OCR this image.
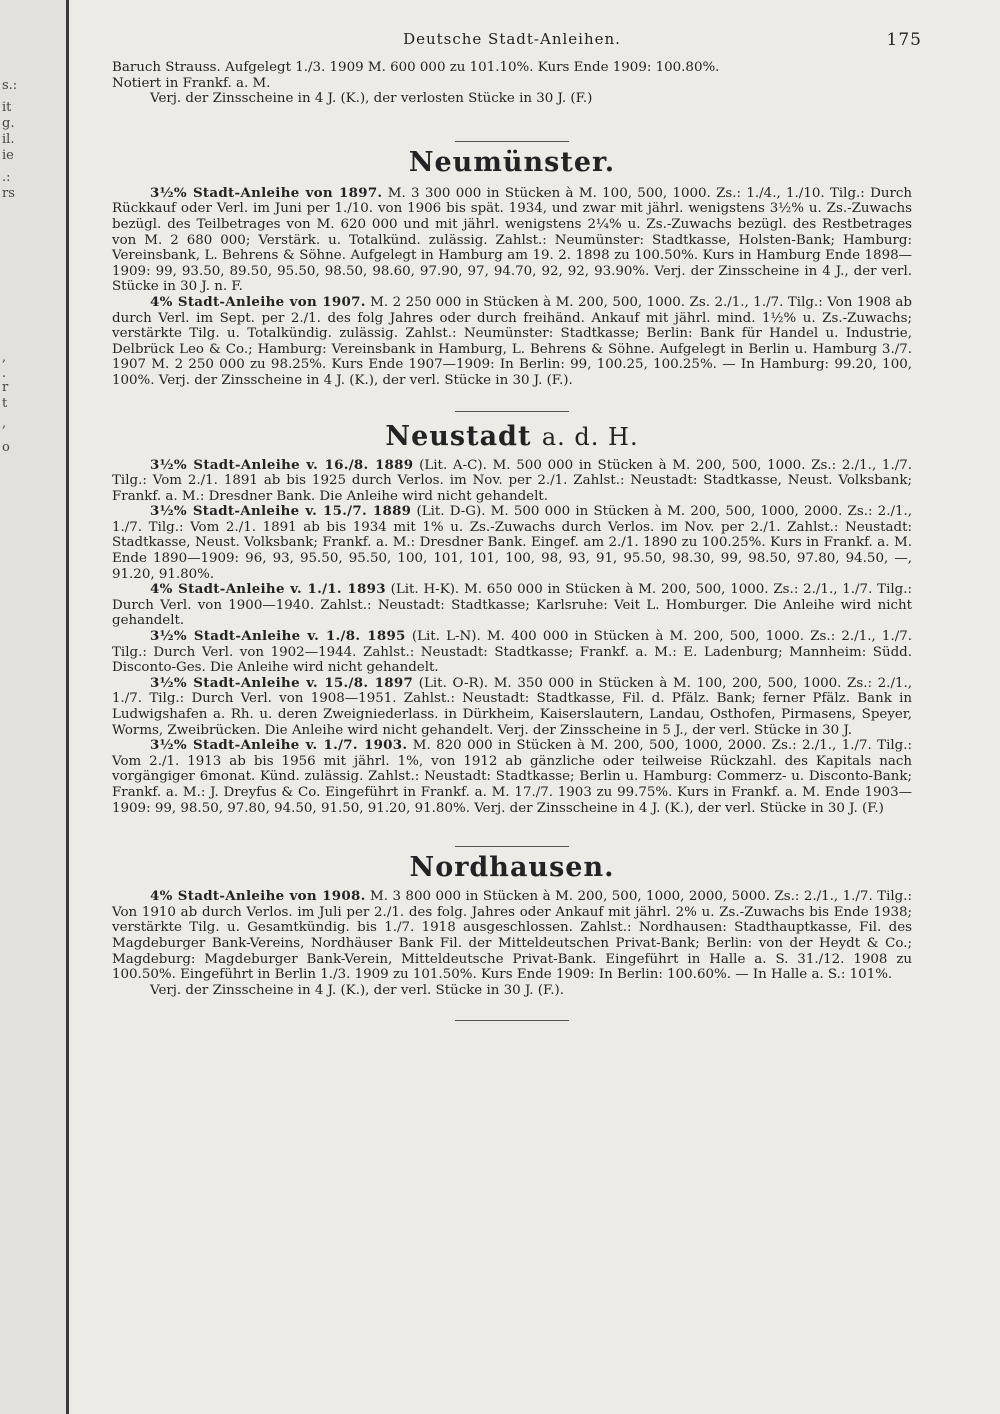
s.:
it
g.
il.
ie
.:
rs
,
.
r
t
,
o
Deutsche Stadt-Anleihen.	175

Baruch Strauss. Aufgelegt 1./3. 1909 M. 600 000 zu 101.10%. Kurs Ende 1909: 100.80%.

Notiert in Frankf. a. M.

Verj. der Zinsscheine in 4 J. (K.), der verlosten Stücke in 30 J. (F.)

Neumünster.

3½% Stadt-Anleihe von 1897. M. 3 300 000 in Stücken à M. 100, 500, 1000. Zs.: 1./4., 1./10. Tilg.: Durch Rückkauf oder Verl. im Juni per 1./10. von 1906 bis spät. 1934, und zwar mit jährl. wenigstens 3½% u. Zs.-Zuwachs bezügl. des Teilbetrages von M. 620 000 und mit jährl. wenigstens 2¼% u. Zs.-Zuwachs bezügl. des Restbetrages von M. 2 680 000; Verstärk. u. Totalkünd. zulässig. Zahlst.: Neumünster: Stadtkasse, Holsten-Bank; Hamburg: Vereinsbank, L. Behrens & Söhne. Aufgelegt in Hamburg am 19. 2. 1898 zu 100.50%. Kurs in Hamburg Ende 1898—1909: 99, 93.50, 89.50, 95.50, 98.50, 98.60, 97.90, 97, 94.70, 92, 92, 93.90%. Verj. der Zinsscheine in 4 J., der verl. Stücke in 30 J. n. F.

4% Stadt-Anleihe von 1907. M. 2 250 000 in Stücken à M. 200, 500, 1000. Zs. 2./1., 1./7. Tilg.: Von 1908 ab durch Verl. im Sept. per 2./1. des folg Jahres oder durch freihänd. Ankauf mit jährl. mind. 1½% u. Zs.-Zuwachs; verstärkte Tilg. u. Totalkündig. zulässig. Zahlst.: Neumünster: Stadtkasse; Berlin: Bank für Handel u. Industrie, Delbrück Leo & Co.; Hamburg: Vereinsbank in Hamburg, L. Behrens & Söhne. Aufgelegt in Berlin u. Hamburg 3./7. 1907 M. 2 250 000 zu 98.25%. Kurs Ende 1907—1909: In Berlin: 99, 100.25, 100.25%. — In Hamburg: 99.20, 100, 100%. Verj. der Zinsscheine in 4 J. (K.), der verl. Stücke in 30 J. (F.).

Neustadt a. d. H.

3½% Stadt-Anleihe v. 16./8. 1889 (Lit. A-C). M. 500 000 in Stücken à M. 200, 500, 1000. Zs.: 2./1., 1./7. Tilg.: Vom 2./1. 1891 ab bis 1925 durch Verlos. im Nov. per 2./1. Zahlst.: Neustadt: Stadtkasse, Neust. Volksbank; Frankf. a. M.: Dresdner Bank. Die Anleihe wird nicht gehandelt.

3½% Stadt-Anleihe v. 15./7. 1889 (Lit. D-G). M. 500 000 in Stücken à M. 200, 500, 1000, 2000. Zs.: 2./1., 1./7. Tilg.: Vom 2./1. 1891 ab bis 1934 mit 1% u. Zs.-Zuwachs durch Verlos. im Nov. per 2./1. Zahlst.: Neustadt: Stadtkasse, Neust. Volksbank; Frankf. a. M.: Dresdner Bank. Eingef. am 2./1. 1890 zu 100.25%. Kurs in Frankf. a. M. Ende 1890—1909: 96, 93, 95.50, 95.50, 100, 101, 101, 100, 98, 93, 91, 95.50, 98.30, 99, 98.50, 97.80, 94.50, —, 91.20, 91.80%.

4% Stadt-Anleihe v. 1./1. 1893 (Lit. H-K). M. 650 000 in Stücken à M. 200, 500, 1000. Zs.: 2./1., 1./7. Tilg.: Durch Verl. von 1900—1940. Zahlst.: Neustadt: Stadtkasse; Karlsruhe: Veit L. Homburger. Die Anleihe wird nicht gehandelt.

3½% Stadt-Anleihe v. 1./8. 1895 (Lit. L-N). M. 400 000 in Stücken à M. 200, 500, 1000. Zs.: 2./1., 1./7. Tilg.: Durch Verl. von 1902—1944. Zahlst.: Neustadt: Stadtkasse; Frankf. a. M.: E. Ladenburg; Mannheim: Südd. Disconto-Ges. Die Anleihe wird nicht gehandelt.

3½% Stadt-Anleihe v. 15./8. 1897 (Lit. O-R). M. 350 000 in Stücken à M. 100, 200, 500, 1000. Zs.: 2./1., 1./7. Tilg.: Durch Verl. von 1908—1951. Zahlst.: Neustadt: Stadtkasse, Fil. d. Pfälz. Bank; ferner Pfälz. Bank in Ludwigshafen a. Rh. u. deren Zweigniederlass. in Dürkheim, Kaiserslautern, Landau, Osthofen, Pirmasens, Speyer, Worms, Zweibrücken. Die Anleihe wird nicht gehandelt. Verj. der Zinsscheine in 5 J., der verl. Stücke in 30 J.

3½% Stadt-Anleihe v. 1./7. 1903. M. 820 000 in Stücken à M. 200, 500, 1000, 2000. Zs.: 2./1., 1./7. Tilg.: Vom 2./1. 1913 ab bis 1956 mit jährl. 1%, von 1912 ab gänzliche oder teilweise Rückzahl. des Kapitals nach vorgängiger 6monat. Künd. zulässig. Zahlst.: Neustadt: Stadtkasse; Berlin u. Hamburg: Commerz- u. Disconto-Bank; Frankf. a. M.: J. Dreyfus & Co. Eingeführt in Frankf. a. M. 17./7. 1903 zu 99.75%. Kurs in Frankf. a. M. Ende 1903—1909: 99, 98.50, 97.80, 94.50, 91.50, 91.20, 91.80%. Verj. der Zinsscheine in 4 J. (K.), der verl. Stücke in 30 J. (F.)

Nordhausen.

4% Stadt-Anleihe von 1908. M. 3 800 000 in Stücken à M. 200, 500, 1000, 2000, 5000. Zs.: 2./1., 1./7. Tilg.: Von 1910 ab durch Verlos. im Juli per 2./1. des folg. Jahres oder Ankauf mit jährl. 2% u. Zs.-Zuwachs bis Ende 1938; verstärkte Tilg. u. Gesamtkündig. bis 1./7. 1918 ausgeschlossen. Zahlst.: Nordhausen: Stadthauptkasse, Fil. des Magdeburger Bank-Vereins, Nordhäuser Bank Fil. der Mitteldeutschen Privat-Bank; Berlin: von der Heydt & Co.; Magdeburg: Magdeburger Bank-Verein, Mitteldeutsche Privat-Bank. Eingeführt in Halle a. S. 31./12. 1908 zu 100.50%. Eingeführt in Berlin 1./3. 1909 zu 101.50%. Kurs Ende 1909: In Berlin: 100.60%. — In Halle a. S.: 101%.

Verj. der Zinsscheine in 4 J. (K.), der verl. Stücke in 30 J. (F.).
